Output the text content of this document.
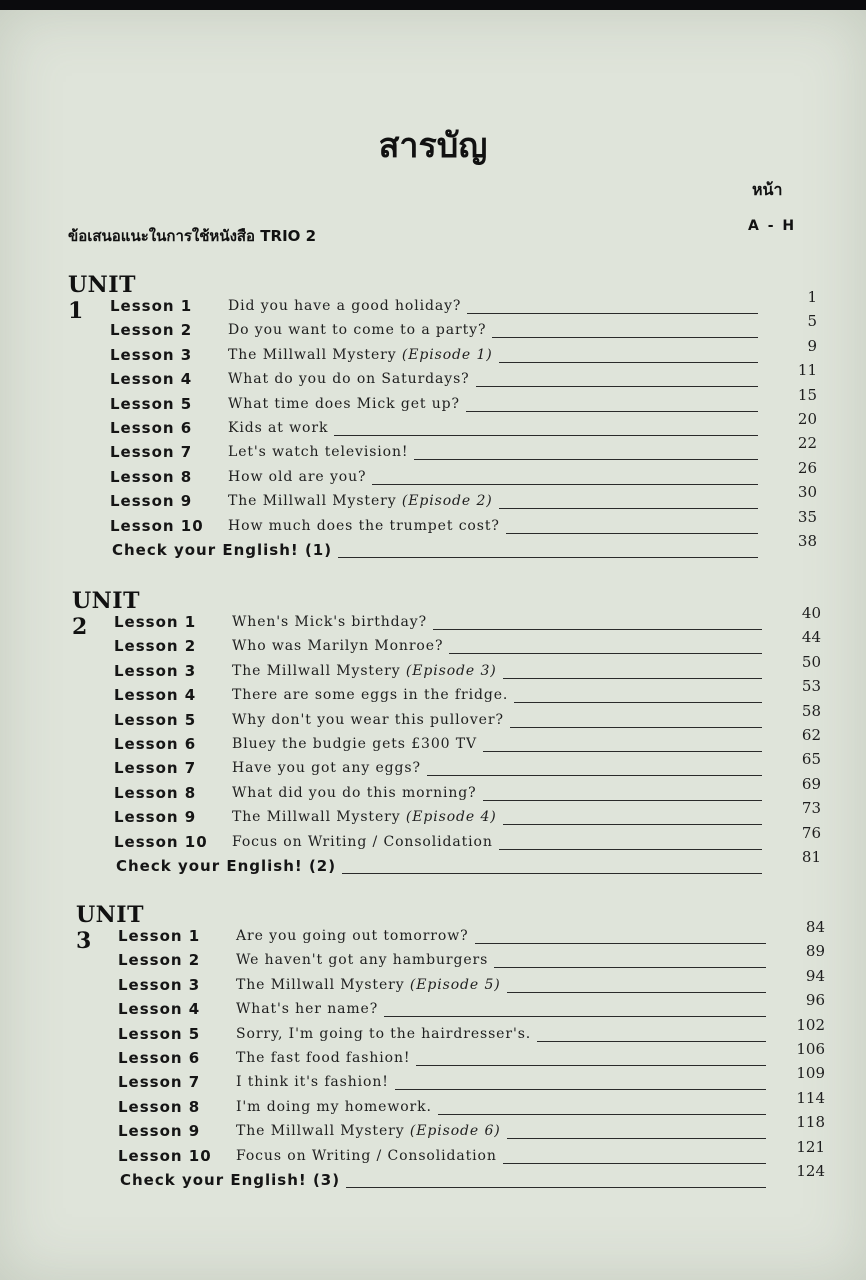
สารบัญ
หน้า
ข้อเสนอแนะในการใช้หนังสือ TRIO 2
A - H
UNIT 1	Lesson 1	Did you have a good holiday?	1
Lesson 2	Do you want to come to a party?	5
Lesson 3	The Millwall Mystery (Episode 1)	9
Lesson 4	What do you do on Saturdays?	11
Lesson 5	What time does Mick get up?	15
Lesson 6	Kids at work	20
Lesson 7	Let's watch television!	22
Lesson 8	How old are you?	26
Lesson 9	The Millwall Mystery (Episode 2)	30
Lesson 10 How much does the trumpet cost?	35
Check your English! (1)	38
UNIT 2	Lesson 1	When's Mick's birthday?	40
Lesson 2	Who was Marilyn Monroe?	44
Lesson 3	The Millwall Mystery (Episode 3)	50
Lesson 4	There are some eggs in the fridge.	53
Lesson 5	Why don't you wear this pullover?	58
Lesson 6	Bluey the budgie gets £300 TV	62
Lesson 7	Have you got any eggs?	65
Lesson 8	What did you do this morning?	69
Lesson 9	The Millwall Mystery (Episode 4)	73
Lesson 10 Focus on Writing / Consolidation	76
Check your English! (2)	81
UNIT 3	Lesson 1	Are you going out tomorrow?	84
Lesson 2	We haven't got any hamburgers	89
Lesson 3	The Millwall Mystery (Episode 5)	94
Lesson 4	What's her name?	96
Lesson 5	Sorry, I'm going to the hairdresser's.	102
Lesson 6	The fast food fashion!	106
Lesson 7	I think it's fashion!	109
Lesson 8	I'm doing my homework.	114
Lesson 9	The Millwall Mystery (Episode 6)	118
Lesson 10 Focus on Writing / Consolidation	121
Check your English! (3)	124
